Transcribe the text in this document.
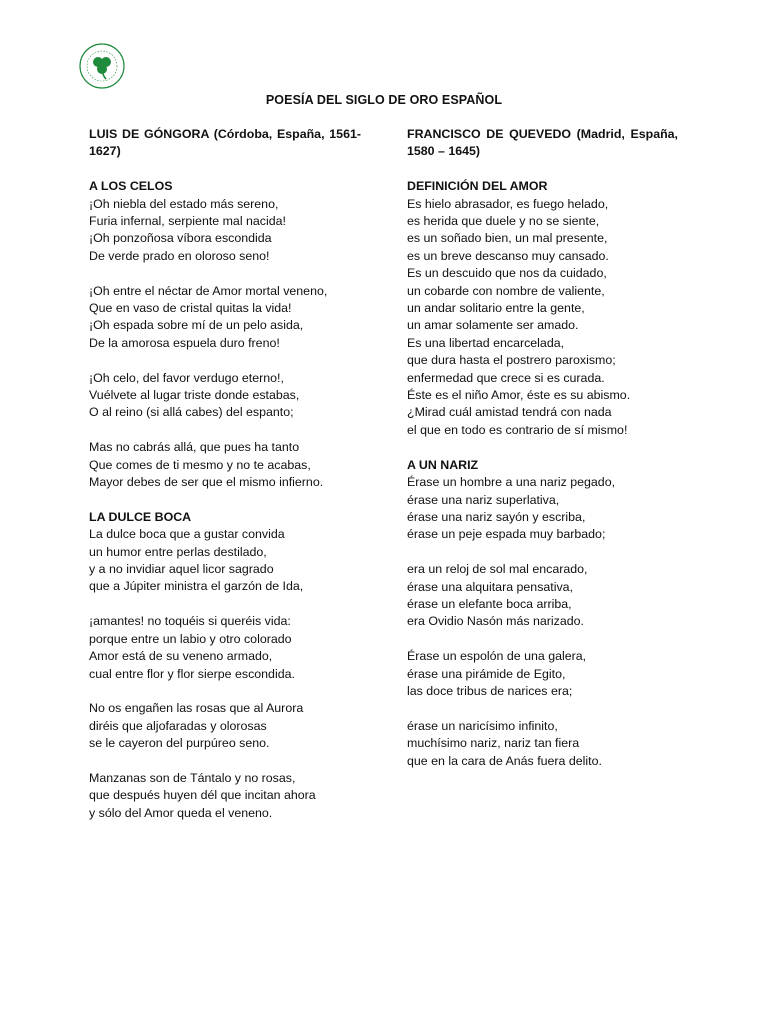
POESÍA DEL SIGLO DE ORO ESPAÑOL
LUIS DE GÓNGORA (Córdoba, España, 1561-1627)
A LOS CELOS
¡Oh niebla del estado más sereno,
Furia infernal, serpiente mal nacida!
¡Oh ponzoñosa víbora escondida
De verde prado en oloroso seno!
¡Oh entre el néctar de Amor mortal veneno,
Que en vaso de cristal quitas la vida!
¡Oh espada sobre mí de un pelo asida,
De la amorosa espuela duro freno!
¡Oh celo, del favor verdugo eterno!,
Vuélvete al lugar triste donde estabas,
O al reino (si allá cabes) del espanto;
Mas no cabrás allá, que pues ha tanto
Que comes de ti mesmo y no te acabas,
Mayor debes de ser que el mismo infierno.
LA DULCE BOCA
La dulce boca que a gustar convida
un humor entre perlas destilado,
y a no invidiar aquel licor sagrado
que a Júpiter ministra el garzón de Ida,
¡amantes! no toquéis si queréis vida:
porque entre un labio y otro colorado
Amor está de su veneno armado,
cual entre flor y flor sierpe escondida.
No os engañen las rosas que al Aurora
diréis que aljofaradas y olorosas
se le cayeron del purpúreo seno.
Manzanas son de Tántalo y no rosas,
que después huyen dél que incitan ahora
y sólo del Amor queda el veneno.
FRANCISCO DE QUEVEDO (Madrid, España, 1580 – 1645)
DEFINICIÓN DEL AMOR
Es hielo abrasador, es fuego helado,
es herida que duele y no se siente,
es un soñado bien, un mal presente,
es un breve descanso muy cansado.
Es un descuido que nos da cuidado,
un cobarde con nombre de valiente,
un andar solitario entre la gente,
un amar solamente ser amado.
Es una libertad encarcelada,
que dura hasta el postrero paroxismo;
enfermedad que crece si es curada.
Éste es el niño Amor, éste es su abismo.
¿Mirad cuál amistad tendrá con nada
el que en todo es contrario de sí mismo!
A UN NARIZ
Érase un hombre a una nariz pegado,
érase una nariz superlativa,
érase una nariz sayón y escriba,
érase un peje espada muy barbado;
era un reloj de sol mal encarado,
érase una alquitara pensativa,
érase un elefante boca arriba,
era Ovidio Nasón más narizado.
Érase un espolón de una galera,
érase una pirámide de Egito,
las doce tribus de narices era;
érase un naricísimo infinito,
muchísimo nariz, nariz tan fiera
que en la cara de Anás fuera delito.
